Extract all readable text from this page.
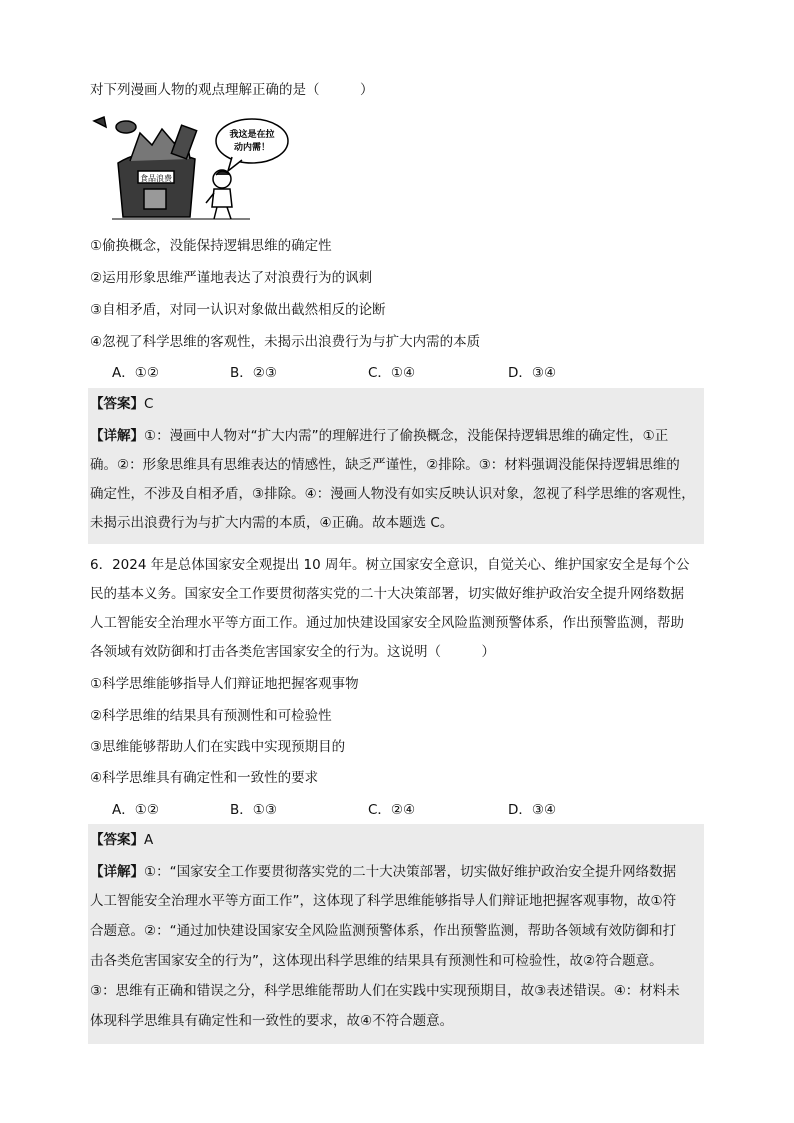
对下列漫画人物的观点理解正确的是（　　　）
食品浪费
我这是在拉
动内需！
①偷换概念，没能保持逻辑思维的确定性
②运用形象思维严谨地表达了对浪费行为的讽刺
③自相矛盾，对同一认识对象做出截然相反的论断
④忽视了科学思维的客观性，未揭示出浪费行为与扩大内需的本质
A．①②	B．②③	C．①④	D．③④
【答案】C
【详解】①：漫画中人物对“扩大内需”的理解进行了偷换概念，没能保持逻辑思维的确定性，①正
确。②：形象思维具有思维表达的情感性，缺乏严谨性，②排除。③：材料强调没能保持逻辑思维的
确定性，不涉及自相矛盾，③排除。④：漫画人物没有如实反映认识对象，忽视了科学思维的客观性，
未揭示出浪费行为与扩大内需的本质，④正确。故本题选 C。
6．2024 年是总体国家安全观提出 10 周年。树立国家安全意识，自觉关心、维护国家安全是每个公
民的基本义务。国家安全工作要贯彻落实党的二十大决策部署，切实做好维护政治安全提升网络数据
人工智能安全治理水平等方面工作。通过加快建设国家安全风险监测预警体系，作出预警监测，帮助
各领域有效防御和打击各类危害国家安全的行为。这说明（　　　）
①科学思维能够指导人们辩证地把握客观事物
②科学思维的结果具有预测性和可检验性
③思维能够帮助人们在实践中实现预期目的
④科学思维具有确定性和一致性的要求
A．①②	B．①③	C．②④	D．③④
【答案】A
【详解】①：“国家安全工作要贯彻落实党的二十大决策部署，切实做好维护政治安全提升网络数据
人工智能安全治理水平等方面工作”，这体现了科学思维能够指导人们辩证地把握客观事物，故①符
合题意。②：“通过加快建设国家安全风险监测预警体系，作出预警监测，帮助各领域有效防御和打
击各类危害国家安全的行为”，这体现出科学思维的结果具有预测性和可检验性，故②符合题意。
③：思维有正确和错误之分，科学思维能帮助人们在实践中实现预期目，故③表述错误。④：材料未
体现科学思维具有确定性和一致性的要求，故④不符合题意。
